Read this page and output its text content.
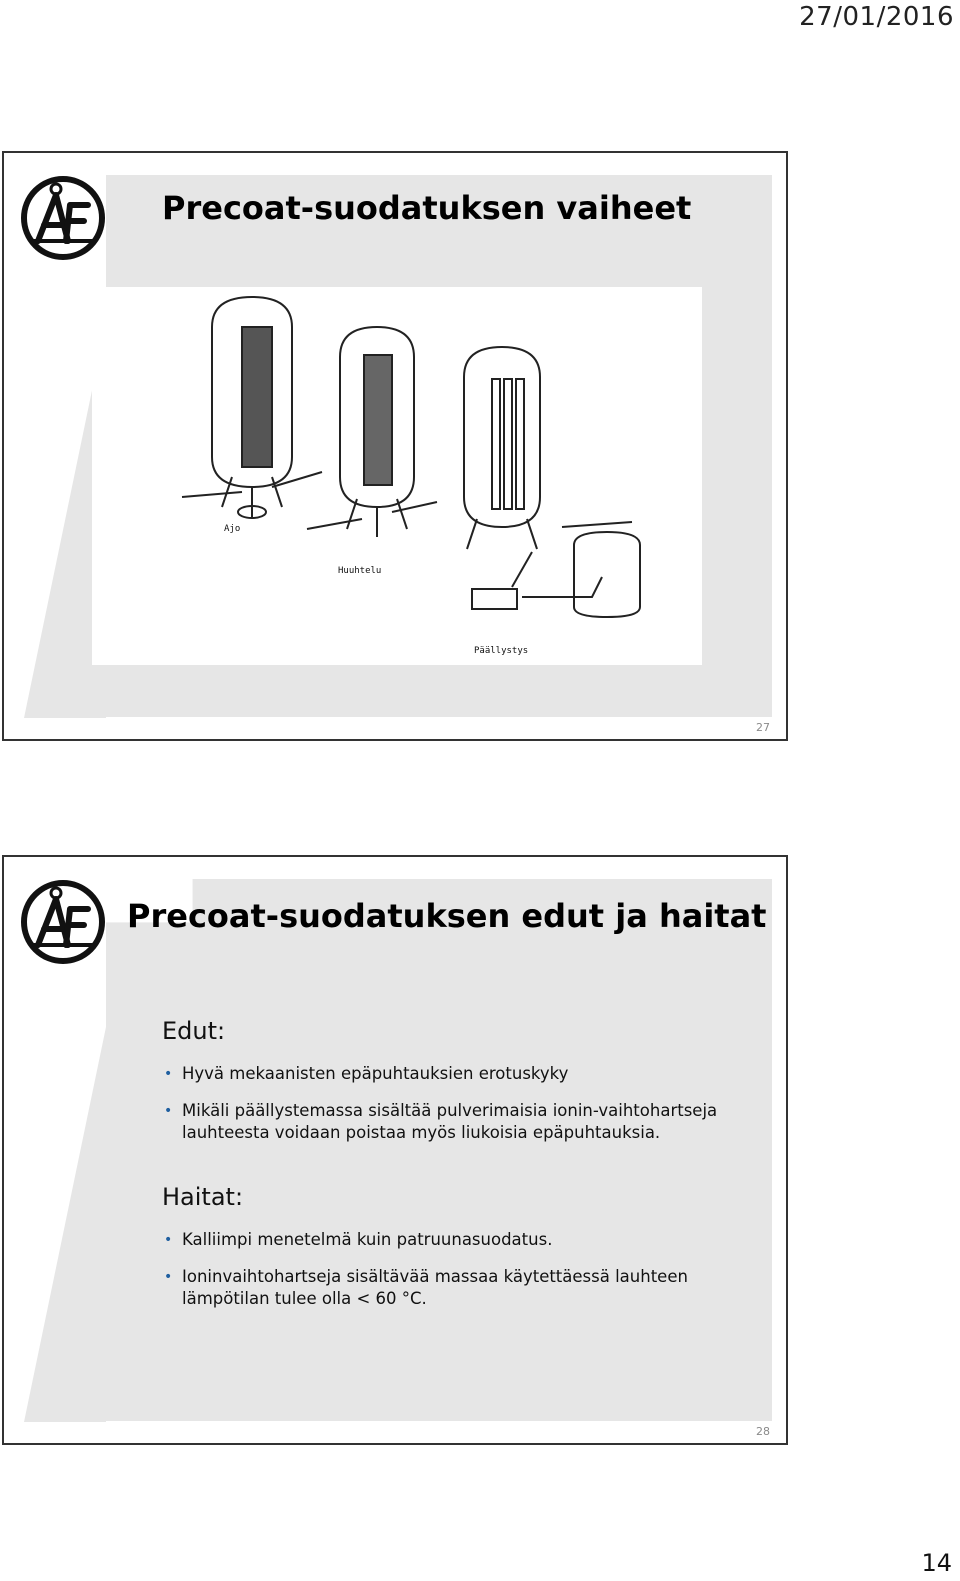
27/01/2016
Precoat-suodatuksen vaiheet
Ajo
Huuhtelu
Päällystys
27
Precoat-suodatuksen edut ja haitat
Edut:
• Hyvä mekaanisten epäpuhtauksien erotuskyky
• Mikäli päällystemassa sisältää pulverimaisia ionin-vaihtohartseja lauhteesta voidaan poistaa myös liukoisia epäpuhtauksia.
Haitat:
• Kalliimpi menetelmä kuin patruunasuodatus.
• Ioninvaihtohartseja sisältävää massaa käytettäessä lauhteen lämpötilan tulee olla < 60 °C.
28
14
